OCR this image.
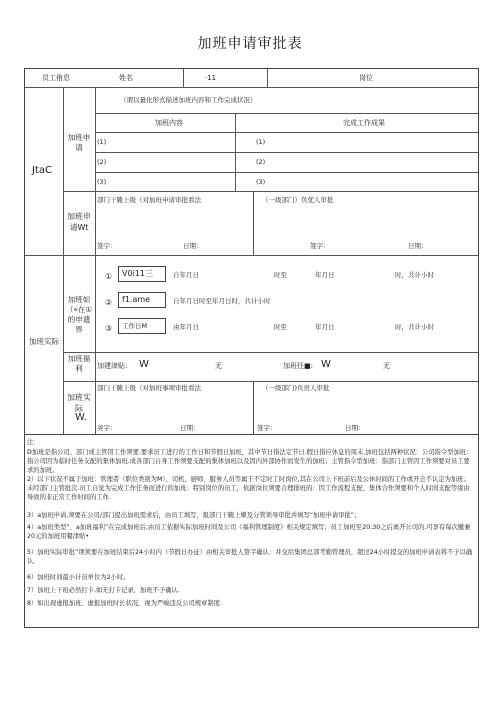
加班申请审批表
员工侑息	姓名	·11	岗位
JtaC
（谓以量化形式描述加班内容和工作完成状况）
加班申请
加班内容	完成工作成果
(1)	(1)
(2)	(2)
(3)	(3)
加班申请Wt
部门干腌上级（对加班申请审批看法	（一级部门）负优人审批
签字：	日期：	签字：	日期：
加班实际
加班如（«在①的申遗界
①	V0i11三	自年月日	时至	年月日	时，共计小时
②	f1.ame	自年月日时至年月日时，共计小时
③	工作日M	由年月日	时至	年月日	时，共计小时
加班福利	加建津贴: W	无	加班任■: W	无
加班实际
W.
部门干腌上级（对加班事项审批看法	（一级部门)负贵人审批
荚字：	日期：	签字：	日期：
注：
D加班是指公司、部门或主管因工作须要.要求员工进行的工作日和节假日加班，其中节日指法定节日.假日指应休息的周末.加班包括两种状况：公司指令型加班：指公司因为临时任务支配的集体加班.或各部门自身工作须要支配的集体加班以及因内外部协作而发生的加班；主管指令型加班：指部门主管因工作须要对员工要求的加班。
2）以下状况不属于加班：管理者（职位类别为M）、司机、厨师、服务人员等属于不定时工时岗位,其在公司上下班前后及公休时间的工作或开会不认定为加班；未经部门主管批次.员工自觉为完成工作任务而进行的加班：特别岗位的员工，依据岗位须要合理排班的：因工作流程支配、集体合作须要和个人时间支配等缘由导致的非正常工作时间的工作.
3）a加班申请,须要在公司/部门提出加班需求后，由员工填写，报部门干腌上姬及分管领导审批并填写“加班申请审批”；
4）a加班类型”、a加班福利”在完成加班后,由员工依据实际加班时间及公司《福利管理制度》相关规定填写；员工加班至20:30之后离开公司的,可享有每次撤兼20元的加班用餐津贴•
5）加班实际审批”项须要在加班结束后24小时内（节假日办征）由相关审批人签字确认：并交给集团总部考勤管理员，超过24小时提交的加班申请表将不予以确认.
6）加班时间最小计员单位为2小时。
7）加班上下班必然打卡,如无打卡记录，加班不予确认.
8）如出现虚报加班、虚报加班时长状况，视为严峻违反公司规章制度.
